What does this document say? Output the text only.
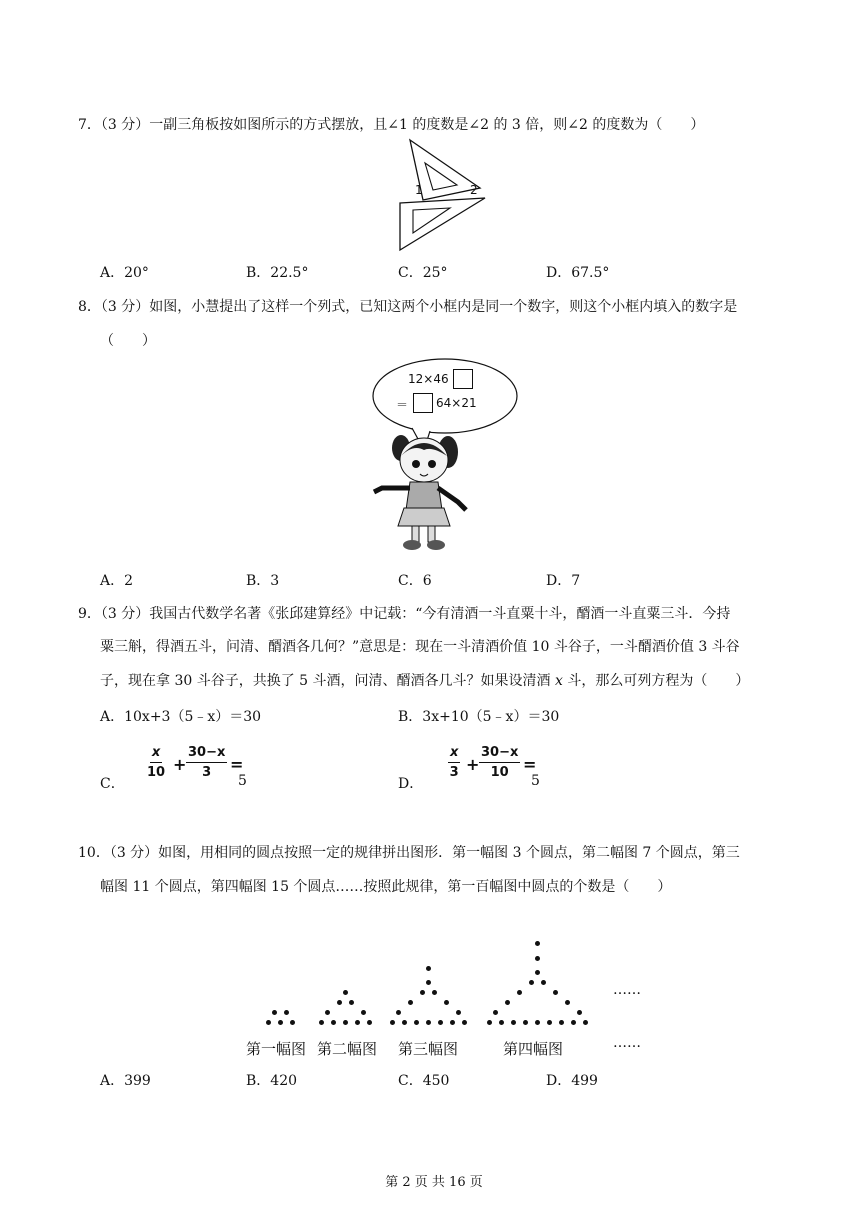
7．（3 分）一副三角板按如图所示的方式摆放，且∠1 的度数是∠2 的 3 倍，则∠2 的度数为（　　）
1	2
A．20°	B．22.5°	C．25°	D．67.5°
8．（3 分）如图，小慧提出了这样一个列式，已知这两个小框内是同一个数字，则这个小框内填入的数字是
（　　）
12×46
＝ 64×21
A．2	B．3	C．6	D．7
9．（3 分）我国古代数学名著《张邱建算经》中记载：“今有清酒一斗直粟十斗，醑酒一斗直粟三斗．今持
粟三斛，得酒五斗，问清、醑酒各几何？”意思是：现在一斗清酒价值 10 斗谷子，一斗醑酒价值 3 斗谷
子，现在拿 30 斗谷子，共换了 5 斗酒，问清、醑酒各几斗？如果设清酒 x 斗，那么可列方程为（　　）
A．10x+3（5﹣x）＝30	B．3x+10（5﹣x）＝30
C．
$\frac{x}{10} + \frac{30-x}{3}$ =
5	D．
$\frac{x}{3} + \frac{30-x}{10}$ =
5
10．（3 分）如图，用相同的圆点按照一定的规律拼出图形．第一幅图 3 个圆点，第二幅图 7 个圆点，第三
幅图 11 个圆点，第四幅图 15 个圆点……按照此规律，第一百幅图中圆点的个数是（　　）
……
……
第一幅图 第二幅图 第三幅图	第四幅图
A．399	B．420	C．450	D．499
第 2 页 共 16 页
